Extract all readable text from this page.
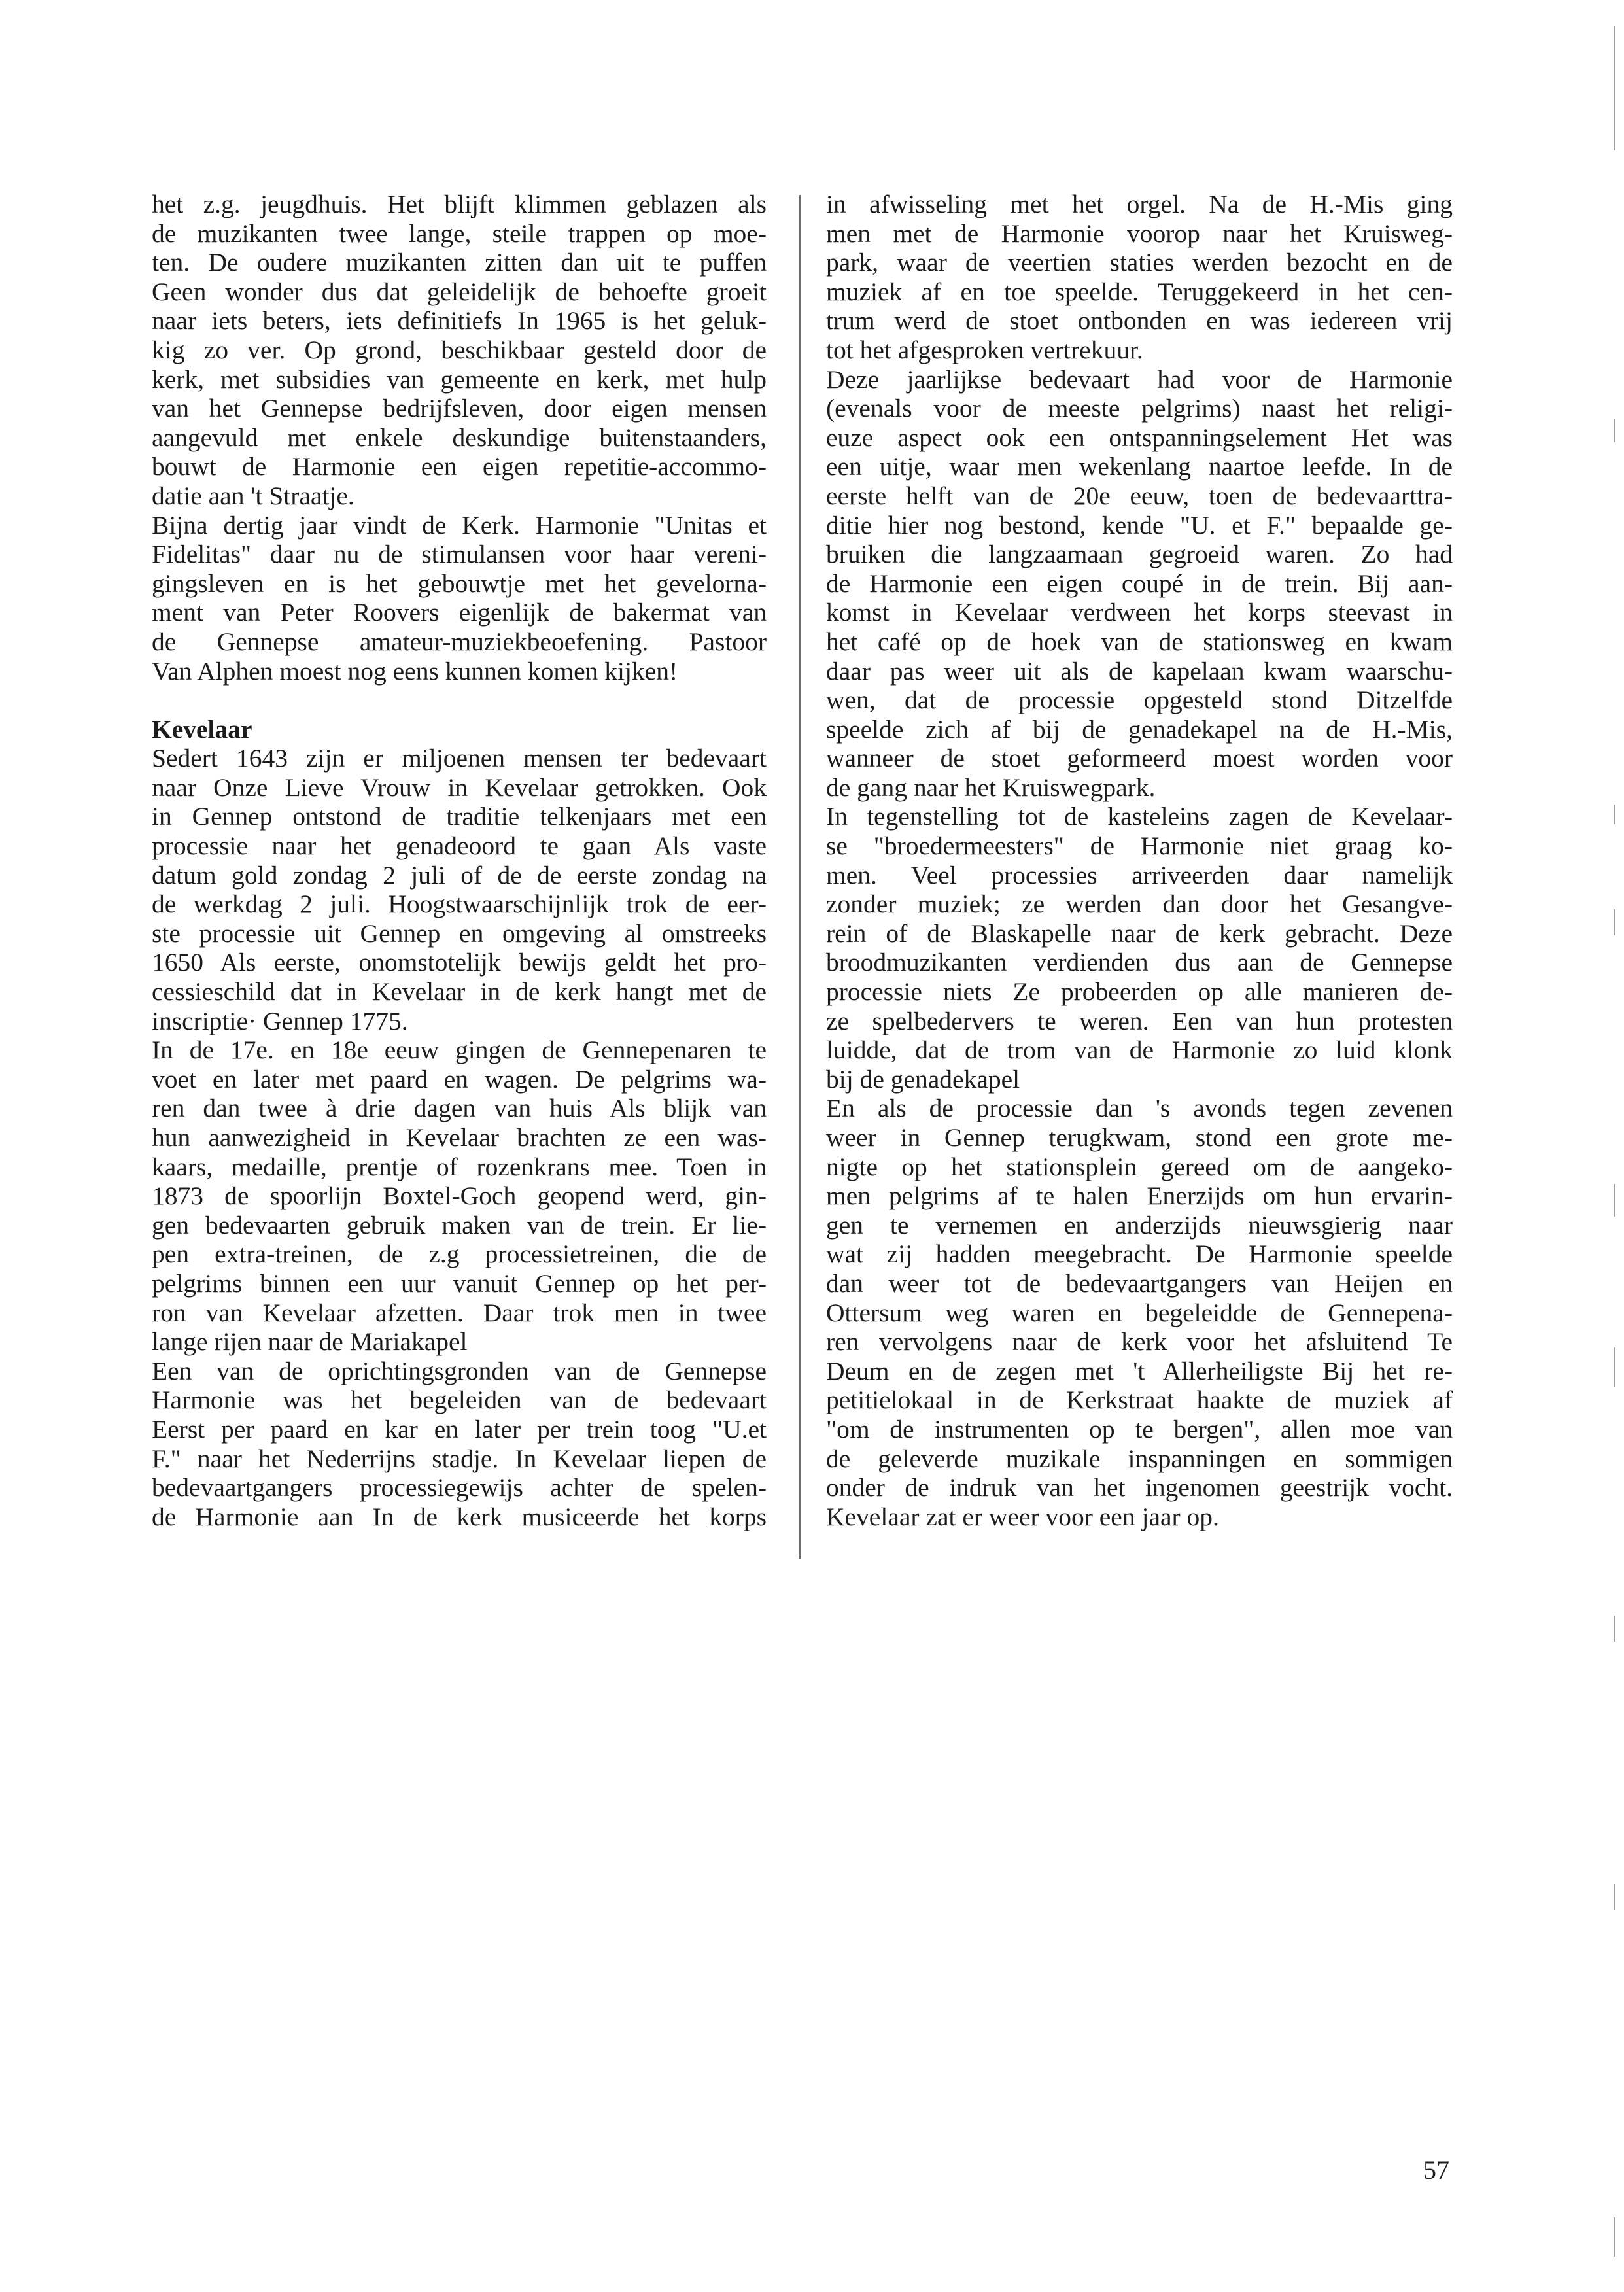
het z.g. jeugdhuis. Het blijft klimmen geblazen als
de muzikanten twee lange, steile trappen op moe-
ten. De oudere muzikanten zitten dan uit te puffen
Geen wonder dus dat geleidelijk de behoefte groeit
naar iets beters, iets definitiefs In 1965 is het geluk-
kig zo ver. Op grond, beschikbaar gesteld door de
kerk, met subsidies van gemeente en kerk, met hulp
van het Gennepse bedrijfsleven, door eigen mensen
aangevuld met enkele deskundige buitenstaanders,
bouwt de Harmonie een eigen repetitie-accommo-
datie aan 't Straatje.
Bijna dertig jaar vindt de Kerk. Harmonie "Unitas et
Fidelitas" daar nu de stimulansen voor haar vereni-
gingsleven en is het gebouwtje met het gevelorna-
ment van Peter Roovers eigenlijk de bakermat van
de Gennepse amateur-muziekbeoefening. Pastoor
Van Alphen moest nog eens kunnen komen kijken!
Kevelaar
Sedert 1643 zijn er miljoenen mensen ter bedevaart
naar Onze Lieve Vrouw in Kevelaar getrokken. Ook
in Gennep ontstond de traditie telkenjaars met een
processie naar het genadeoord te gaan Als vaste
datum gold zondag 2 juli of de de eerste zondag na
de werkdag 2 juli. Hoogstwaarschijnlijk trok de eer-
ste processie uit Gennep en omgeving al omstreeks
1650 Als eerste, onomstotelijk bewijs geldt het pro-
cessieschild dat in Kevelaar in de kerk hangt met de
inscriptie· Gennep 1775.
In de 17e. en 18e eeuw gingen de Gennepenaren te
voet en later met paard en wagen. De pelgrims wa-
ren dan twee à drie dagen van huis Als blijk van
hun aanwezigheid in Kevelaar brachten ze een was-
kaars, medaille, prentje of rozenkrans mee. Toen in
1873 de spoorlijn Boxtel-Goch geopend werd, gin-
gen bedevaarten gebruik maken van de trein. Er lie-
pen extra-treinen, de z.g processietreinen, die de
pelgrims binnen een uur vanuit Gennep op het per-
ron van Kevelaar afzetten. Daar trok men in twee
lange rijen naar de Mariakapel
Een van de oprichtingsgronden van de Gennepse
Harmonie was het begeleiden van de bedevaart
Eerst per paard en kar en later per trein toog "U.et
F." naar het Nederrijns stadje. In Kevelaar liepen de
bedevaartgangers processiegewijs achter de spelen-
de Harmonie aan In de kerk musiceerde het korps
in afwisseling met het orgel. Na de H.-Mis ging
men met de Harmonie voorop naar het Kruisweg-
park, waar de veertien staties werden bezocht en de
muziek af en toe speelde. Teruggekeerd in het cen-
trum werd de stoet ontbonden en was iedereen vrij
tot het afgesproken vertrekuur.
Deze jaarlijkse bedevaart had voor de Harmonie
(evenals voor de meeste pelgrims) naast het religi-
euze aspect ook een ontspanningselement Het was
een uitje, waar men wekenlang naartoe leefde. In de
eerste helft van de 20e eeuw, toen de bedevaarttra-
ditie hier nog bestond, kende "U. et F." bepaalde ge-
bruiken die langzaamaan gegroeid waren. Zo had
de Harmonie een eigen coupé in de trein. Bij aan-
komst in Kevelaar verdween het korps steevast in
het café op de hoek van de stationsweg en kwam
daar pas weer uit als de kapelaan kwam waarschu-
wen, dat de processie opgesteld stond Ditzelfde
speelde zich af bij de genadekapel na de H.-Mis,
wanneer de stoet geformeerd moest worden voor
de gang naar het Kruiswegpark.
In tegenstelling tot de kasteleins zagen de Kevelaar-
se "broedermeesters" de Harmonie niet graag ko-
men. Veel processies arriveerden daar namelijk
zonder muziek; ze werden dan door het Gesangve-
rein of de Blaskapelle naar de kerk gebracht. Deze
broodmuzikanten verdienden dus aan de Gennepse
processie niets Ze probeerden op alle manieren de-
ze spelbedervers te weren. Een van hun protesten
luidde, dat de trom van de Harmonie zo luid klonk
bij de genadekapel
En als de processie dan 's avonds tegen zevenen
weer in Gennep terugkwam, stond een grote me-
nigte op het stationsplein gereed om de aangeko-
men pelgrims af te halen Enerzijds om hun ervarin-
gen te vernemen en anderzijds nieuwsgierig naar
wat zij hadden meegebracht. De Harmonie speelde
dan weer tot de bedevaartgangers van Heijen en
Ottersum weg waren en begeleidde de Gennepena-
ren vervolgens naar de kerk voor het afsluitend Te
Deum en de zegen met 't Allerheiligste Bij het re-
petitielokaal in de Kerkstraat haakte de muziek af
"om de instrumenten op te bergen", allen moe van
de geleverde muzikale inspanningen en sommigen
onder de indruk van het ingenomen geestrijk vocht.
Kevelaar zat er weer voor een jaar op.
57
